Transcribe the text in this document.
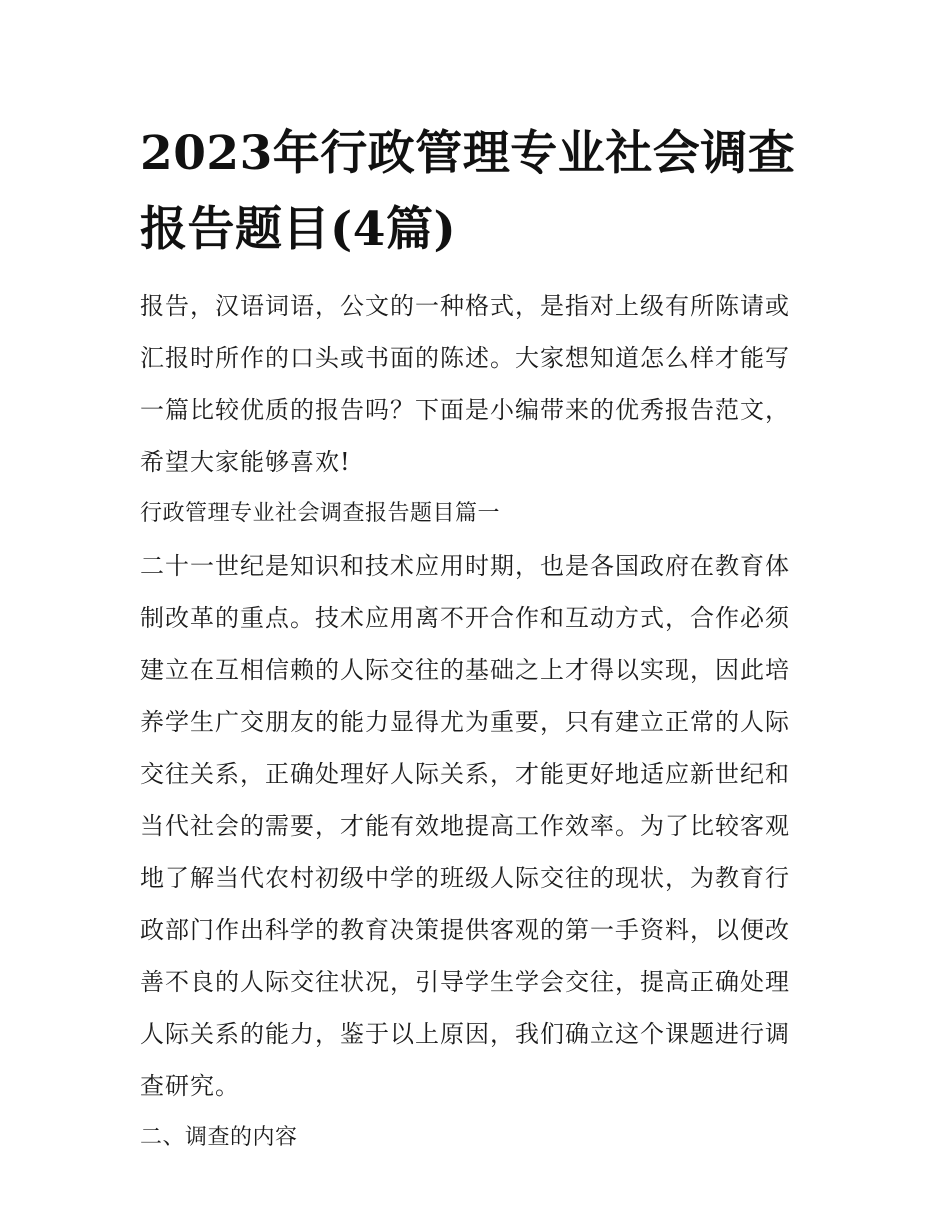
2023年行政管理专业社会调查报告题目(4篇)

报告，汉语词语，公文的一种格式，是指对上级有所陈请或汇报时所作的口头或书面的陈述。大家想知道怎么样才能写一篇比较优质的报告吗？下面是小编带来的优秀报告范文，希望大家能够喜欢!

行政管理专业社会调查报告题目篇一

二十一世纪是知识和技术应用时期，也是各国政府在教育体制改革的重点。技术应用离不开合作和互动方式，合作必须建立在互相信赖的人际交往的基础之上才得以实现，因此培养学生广交朋友的能力显得尤为重要，只有建立正常的人际交往关系，正确处理好人际关系，才能更好地适应新世纪和当代社会的需要，才能有效地提高工作效率。为了比较客观地了解当代农村初级中学的班级人际交往的现状，为教育行政部门作出科学的教育决策提供客观的第一手资料，以便改善不良的人际交往状况，引导学生学会交往，提高正确处理人际关系的能力，鉴于以上原因，我们确立这个课题进行调查研究。

二、调查的内容
